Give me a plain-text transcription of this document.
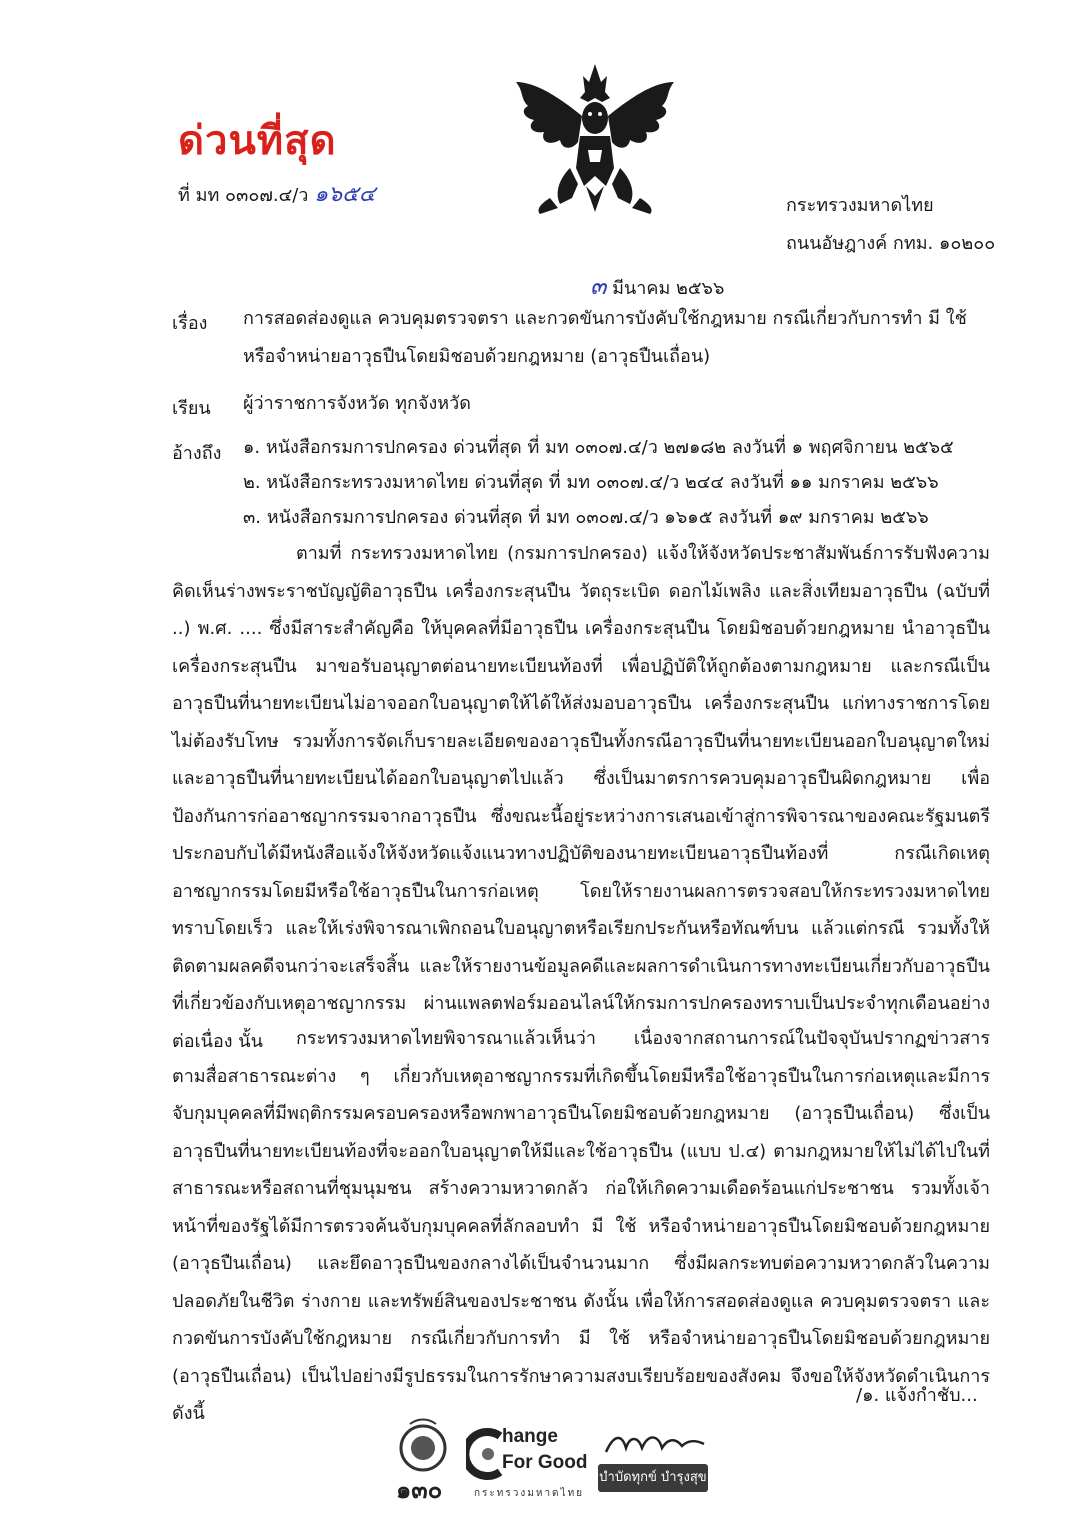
ด่วนที่สุด
ที่ มท ๐๓๐๗.๔/ว ๑๖๕๔	กระทรวงมหาดไทย
ถนนอัษฎางค์ กทม. ๑๐๒๐๐
๓ มีนาคม ๒๕๖๖
เรื่อง การสอดส่องดูแล ควบคุมตรวจตรา และกวดขันการบังคับใช้กฎหมาย กรณีเกี่ยวกับการทำ มี ใช้ หรือจำหน่ายอาวุธปืนโดยมิชอบด้วยกฎหมาย (อาวุธปืนเถื่อน)
เรียน ผู้ว่าราชการจังหวัด ทุกจังหวัด
อ้างถึง ๑. หนังสือกรมการปกครอง ด่วนที่สุด ที่ มท ๐๓๐๗.๔/ว ๒๗๑๘๒ ลงวันที่ ๑ พฤศจิกายน ๒๕๖๕
๒. หนังสือกระทรวงมหาดไทย ด่วนที่สุด ที่ มท ๐๓๐๗.๔/ว ๒๔๔ ลงวันที่ ๑๑ มกราคม ๒๕๖๖
๓. หนังสือกรมการปกครอง ด่วนที่สุด ที่ มท ๐๓๐๗.๔/ว ๑๖๑๕ ลงวันที่ ๑๙ มกราคม ๒๕๖๖
ตามที่ กระทรวงมหาดไทย (กรมการปกครอง) แจ้งให้จังหวัดประชาสัมพันธ์การรับฟังความคิดเห็นร่างพระราชบัญญัติอาวุธปืน เครื่องกระสุนปืน วัตถุระเบิด ดอกไม้เพลิง และสิ่งเทียมอาวุธปืน (ฉบับที่ ..) พ.ศ. .... ซึ่งมีสาระสำคัญคือ ให้บุคคลที่มีอาวุธปืน เครื่องกระสุนปืน โดยมิชอบด้วยกฎหมาย นำอาวุธปืน เครื่องกระสุนปืน มาขอรับอนุญาตต่อนายทะเบียนท้องที่ เพื่อปฏิบัติให้ถูกต้องตามกฎหมาย และกรณีเป็นอาวุธปืนที่นายทะเบียนไม่อาจออกใบอนุญาตให้ได้ให้ส่งมอบอาวุธปืน เครื่องกระสุนปืน แก่ทางราชการโดยไม่ต้องรับโทษ รวมทั้งการจัดเก็บรายละเอียดของอาวุธปืนทั้งกรณีอาวุธปืนที่นายทะเบียนออกใบอนุญาตใหม่และอาวุธปืนที่นายทะเบียนได้ออกใบอนุญาตไปแล้ว ซึ่งเป็นมาตรการควบคุมอาวุธปืนผิดกฎหมาย เพื่อป้องกันการก่ออาชญากรรมจากอาวุธปืน ซึ่งขณะนี้อยู่ระหว่างการเสนอเข้าสู่การพิจารณาของคณะรัฐมนตรี ประกอบกับได้มีหนังสือแจ้งให้จังหวัดแจ้งแนวทางปฏิบัติของนายทะเบียนอาวุธปืนท้องที่ กรณีเกิดเหตุอาชญากรรมโดยมีหรือใช้อาวุธปืนในการก่อเหตุ โดยให้รายงานผลการตรวจสอบให้กระทรวงมหาดไทยทราบโดยเร็ว และให้เร่งพิจารณาเพิกถอนใบอนุญาตหรือเรียกประกันหรือทัณฑ์บน แล้วแต่กรณี รวมทั้งให้ติดตามผลคดีจนกว่าจะเสร็จสิ้น และให้รายงานข้อมูลคดีและผลการดำเนินการทางทะเบียนเกี่ยวกับอาวุธปืนที่เกี่ยวข้องกับเหตุอาชญากรรม ผ่านแพลตฟอร์มออนไลน์ให้กรมการปกครองทราบเป็นประจำทุกเดือนอย่างต่อเนื่อง นั้น	กระทรวงมหาดไทยพิจารณาแล้วเห็นว่า เนื่องจากสถานการณ์ในปัจจุบันปรากฏข่าวสารตามสื่อสาธารณะต่าง ๆ เกี่ยวกับเหตุอาชญากรรมที่เกิดขึ้นโดยมีหรือใช้อาวุธปืนในการก่อเหตุและมีการจับกุมบุคคลที่มีพฤติกรรมครอบครองหรือพกพาอาวุธปืนโดยมิชอบด้วยกฎหมาย (อาวุธปืนเถื่อน) ซึ่งเป็นอาวุธปืนที่นายทะเบียนท้องที่จะออกใบอนุญาตให้มีและใช้อาวุธปืน (แบบ ป.๔) ตามกฎหมายให้ไม่ได้ไปในที่สาธารณะหรือสถานที่ชุมนุมชน สร้างความหวาดกลัว ก่อให้เกิดความเดือดร้อนแก่ประชาชน รวมทั้งเจ้าหน้าที่ของรัฐได้มีการตรวจค้นจับกุมบุคคลที่ลักลอบทำ มี ใช้ หรือจำหน่ายอาวุธปืนโดยมิชอบด้วยกฎหมาย (อาวุธปืนเถื่อน) และยึดอาวุธปืนของกลางได้เป็นจำนวนมาก ซึ่งมีผลกระทบต่อความหวาดกลัวในความปลอดภัยในชีวิต ร่างกาย และทรัพย์สินของประชาชน ดังนั้น เพื่อให้การสอดส่องดูแล ควบคุมตรวจตรา และกวดขันการบังคับใช้กฎหมาย กรณีเกี่ยวกับการทำ มี ใช้ หรือจำหน่ายอาวุธปืนโดยมิชอบด้วยกฎหมาย (อาวุธปืนเถื่อน) เป็นไปอย่างมีรูปธรรมในการรักษาความสงบเรียบร้อยของสังคม จึงขอให้จังหวัดดำเนินการ ดังนี้
/๑. แจ้งกำชับ...
๑๓๐
hange
For Good
กระทรวงมหาดไทย
บำบัดทุกข์ บำรุงสุข
